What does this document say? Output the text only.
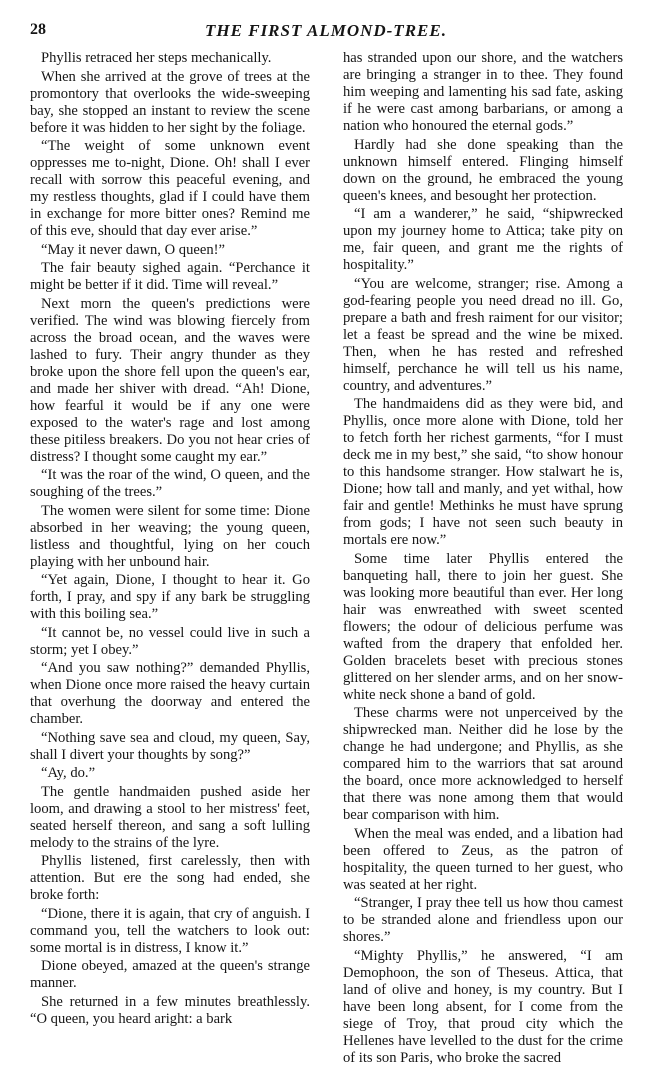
28	THE FIRST ALMOND-TREE.

Phyllis retraced her steps mechanically.

When she arrived at the grove of trees at the promontory that overlooks the wide-sweeping bay, she stopped an instant to review the scene before it was hidden to her sight by the foliage.

“The weight of some unknown event oppresses me to-night, Dione. Oh! shall I ever recall with sorrow this peaceful evening, and my restless thoughts, glad if I could have them in exchange for more bitter ones? Remind me of this eve, should that day ever arise.”

“May it never dawn, O queen!”

The fair beauty sighed again. “Perchance it might be better if it did. Time will reveal.”

Next morn the queen's predictions were verified. The wind was blowing fiercely from across the broad ocean, and the waves were lashed to fury. Their angry thunder as they broke upon the shore fell upon the queen's ear, and made her shiver with dread. “Ah! Dione, how fearful it would be if any one were exposed to the water's rage and lost among these pitiless breakers. Do you not hear cries of distress? I thought some caught my ear.”

“It was the roar of the wind, O queen, and the soughing of the trees.”

The women were silent for some time: Dione absorbed in her weaving; the young queen, listless and thoughtful, lying on her couch playing with her unbound hair.

“Yet again, Dione, I thought to hear it. Go forth, I pray, and spy if any bark be struggling with this boiling sea.”

“It cannot be, no vessel could live in such a storm; yet I obey.”

“And you saw nothing?” demanded Phyllis, when Dione once more raised the heavy curtain that overhung the doorway and entered the chamber.

“Nothing save sea and cloud, my queen, Say, shall I divert your thoughts by song?”

“Ay, do.”

The gentle handmaiden pushed aside her loom, and drawing a stool to her mistress' feet, seated herself thereon, and sang a soft lulling melody to the strains of the lyre.

Phyllis listened, first carelessly, then with attention. But ere the song had ended, she broke forth:

“Dione, there it is again, that cry of anguish. I command you, tell the watchers to look out: some mortal is in distress, I know it.”

Dione obeyed, amazed at the queen's strange manner.

She returned in a few minutes breathlessly. “O queen, you heard aright: a bark

has stranded upon our shore, and the watchers are bringing a stranger in to thee. They found him weeping and lamenting his sad fate, asking if he were cast among barbarians, or among a nation who honoured the eternal gods.”

Hardly had she done speaking than the unknown himself entered. Flinging himself down on the ground, he embraced the young queen's knees, and besought her protection.

“I am a wanderer,” he said, “shipwrecked upon my journey home to Attica; take pity on me, fair queen, and grant me the rights of hospitality.”

“You are welcome, stranger; rise. Among a god-fearing people you need dread no ill. Go, prepare a bath and fresh raiment for our visitor; let a feast be spread and the wine be mixed. Then, when he has rested and refreshed himself, perchance he will tell us his name, country, and adventures.”

The handmaidens did as they were bid, and Phyllis, once more alone with Dione, told her to fetch forth her richest garments, “for I must deck me in my best,” she said, “to show honour to this handsome stranger. How stalwart he is, Dione; how tall and manly, and yet withal, how fair and gentle! Methinks he must have sprung from gods; I have not seen such beauty in mortals ere now.”

Some time later Phyllis entered the banqueting hall, there to join her guest. She was looking more beautiful than ever. Her long hair was enwreathed with sweet scented flowers; the odour of delicious perfume was wafted from the drapery that enfolded her. Golden bracelets beset with precious stones glittered on her slender arms, and on her snow-white neck shone a band of gold.

These charms were not unperceived by the shipwrecked man. Neither did he lose by the change he had undergone; and Phyllis, as she compared him to the warriors that sat around the board, once more acknowledged to herself that there was none among them that would bear comparison with him.

When the meal was ended, and a libation had been offered to Zeus, as the patron of hospitality, the queen turned to her guest, who was seated at her right.

“Stranger, I pray thee tell us how thou camest to be stranded alone and friendless upon our shores.”

“Mighty Phyllis,” he answered, “I am Demophoon, the son of Theseus. Attica, that land of olive and honey, is my country. But I have been long absent, for I come from the siege of Troy, that proud city which the Hellenes have levelled to the dust for the crime of its son Paris, who broke the sacred
